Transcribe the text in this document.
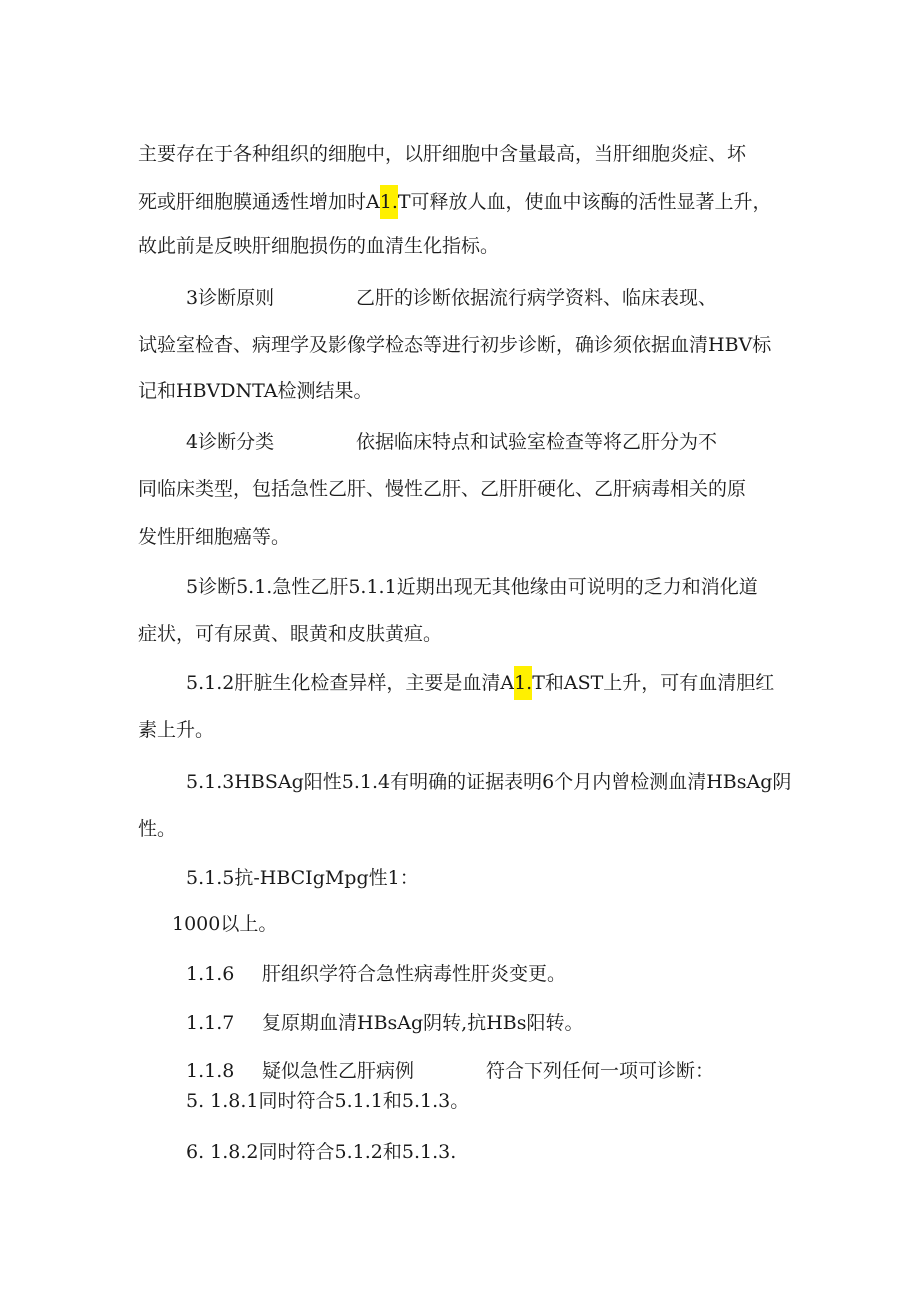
主要存在于各种组织的细胞中，以肝细胞中含量最高，当肝细胞炎症、坏
死或肝细胞膜通透性增加时A1.T可释放人血，使血中该酶的活性显著上升，
故此前是反映肝细胞损伤的血清生化指标。
3诊断原则	乙肝的诊断依据流行病学资料、临床表现、
试验室检杳、病理学及影像学检态等进行初步诊断，确诊须依据血清HBV标
记和HBVDNTA检测结果。
4诊断分类	依据临床特点和试验室检查等将乙肝分为不
同临床类型，包括急性乙肝、慢性乙肝、乙肝肝硬化、乙肝病毒相关的原
发性肝细胞癌等。
5诊断5.1.急性乙肝5.1.1近期出现无其他缘由可说明的乏力和消化道
症状，可有尿黄、眼黄和皮肤黄疸。
5.1.2肝脏生化检查异样，主要是血清A1.T和AST上升，可有血清胆红
素上升。
5.1.3HBSAg阳性5.1.4有明确的证据表明6个月内曾检测血清HBsAg阴
性。
5.1.5抗-HBCIgMpg性1：
1000以上。
1.1.6 肝组织学符合急性病毒性肝炎变更。
1.1.7 复原期血清HBsAg阴转,抗HBs阳转。
1.1.8 疑似急性乙肝病例	符合下列任何一项可诊断：
5. 1.8.1同时符合5.1.1和5.1.3。
6. 1.8.2同时符合5.1.2和5.1.3.
